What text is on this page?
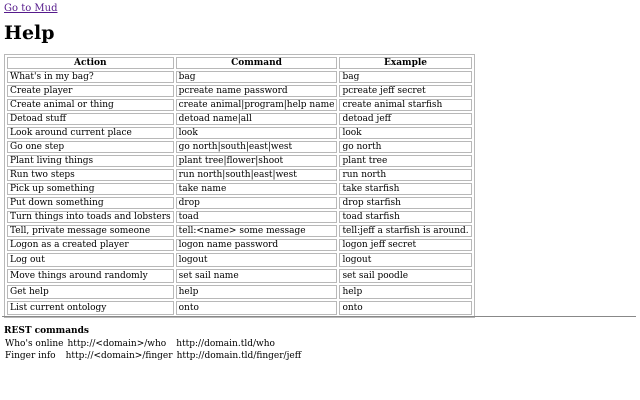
Go to Mud
Help
Action	Command	Example
What's in my bag?	bag	bag
Create player	pcreate name password	pcreate jeff secret
Create animal or thing	create animal|program|help name	create animal starfish
Detoad stuff	detoad name|all	detoad jeff
Look around current place	look	look
Go one step	go north|south|east|west	go north
Plant living things	plant tree|flower|shoot	plant tree
Run two steps	run north|south|east|west	run north
Pick up something	take name	take starfish
Put down something	drop	drop starfish
Turn things into toads and lobsters	toad	toad starfish
Tell, private message someone	tell:<name> some message	tell:jeff a starfish is around.
Logon as a created player	logon name password	logon jeff secret
Log out	logout	logout
Move things around randomly	set sail name	set sail poodle
Get help	help	help
List current ontology	onto	onto
REST commands
Who's online http://<domain>/who http://domain.tld/who
Finger info http://<domain>/finger http://domain.tld/finger/jeff
